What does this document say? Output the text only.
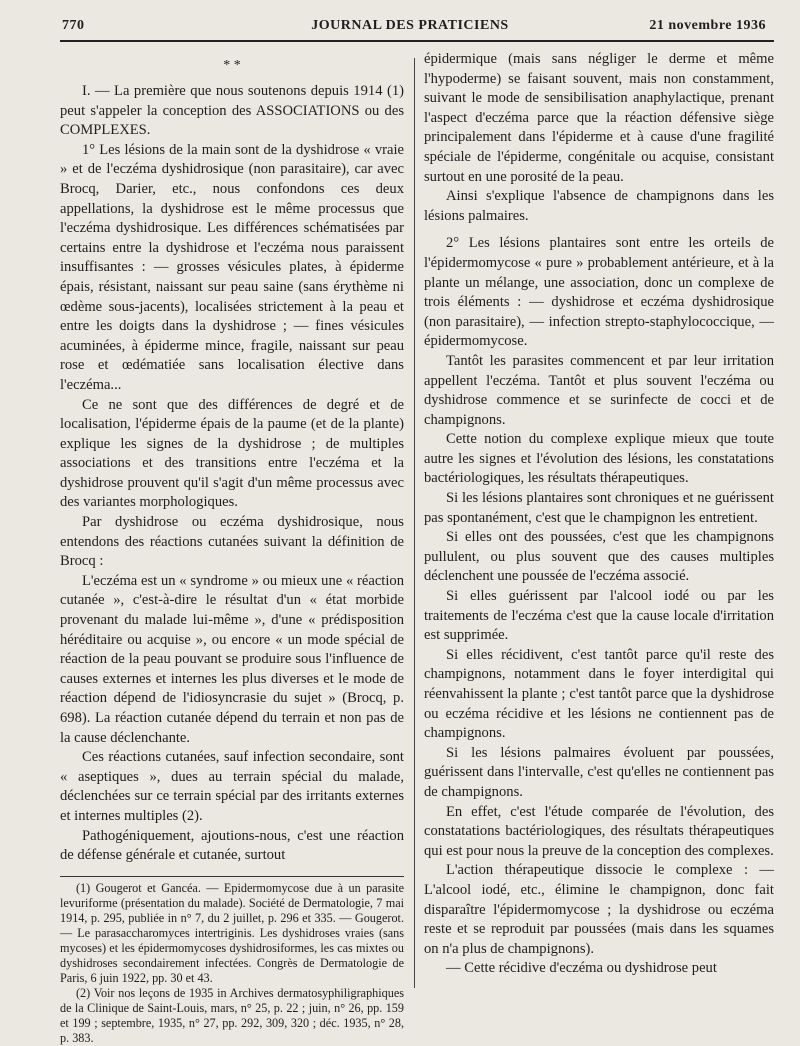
770	JOURNAL DES PRATICIENS	21 novembre 1936
* *

I. — La première que nous soutenons depuis 1914 (1) peut s'appeler la conception des ASSOCIATIONS ou des COMPLEXES.

1° Les lésions de la main sont de la dyshidrose « vraie » et de l'eczéma dyshidrosique (non parasitaire), car avec Brocq, Darier, etc., nous confondons ces deux appellations, la dyshidrose est le même processus que l'eczéma dyshidrosique. Les différences schématisées par certains entre la dyshidrose et l'eczéma nous paraissent insuffisantes : — grosses vésicules plates, à épiderme épais, résistant, naissant sur peau saine (sans érythème ni œdème sous-jacents), localisées strictement à la peau et entre les doigts dans la dyshidrose ; — fines vésicules acuminées, à épiderme mince, fragile, naissant sur peau rose et œdématiée sans localisation élective dans l'eczéma...

Ce ne sont que des différences de degré et de localisation, l'épiderme épais de la paume (et de la plante) explique les signes de la dyshidrose ; de multiples associations et des transitions entre l'eczéma et la dyshidrose prouvent qu'il s'agit d'un même processus avec des variantes morphologiques.

Par dyshidrose ou eczéma dyshidrosique, nous entendons des réactions cutanées suivant la définition de Brocq :

L'eczéma est un « syndrome » ou mieux une « réaction cutanée », c'est-à-dire le résultat d'un « état morbide provenant du malade lui-même », d'une « prédisposition héréditaire ou acquise », ou encore « un mode spécial de réaction de la peau pouvant se produire sous l'influence de causes externes et internes les plus diverses et le mode de réaction dépend de l'idiosyncrasie du sujet » (Brocq, p. 698). La réaction cutanée dépend du terrain et non pas de la cause déclenchante.

Ces réactions cutanées, sauf infection secondaire, sont « aseptiques », dues au terrain spécial du malade, déclenchées sur ce terrain spécial par des irritants externes et internes multiples (2).

Pathogéniquement, ajoutions-nous, c'est une réaction de défense générale et cutanée, surtout

(1) Gougerot et Gancéa. — Epidermomycose due à un parasite levuriforme (présentation du malade). Société de Dermatologie, 7 mai 1914, p. 295, publiée in n° 7, du 2 juillet, p. 296 et 335. — Gougerot. — Le parasaccharomyces intertriginis. Les dyshidroses vraies (sans mycoses) et les épidermomycoses dyshidrosiformes, les cas mixtes ou dyshidroses secondairement infectées. Congrès de Dermatologie de Paris, 6 juin 1922, pp. 30 et 43.

(2) Voir nos leçons de 1935 in Archives dermatosyphiligraphiques de la Clinique de Saint-Louis, mars, n° 25, p. 22 ; juin, n° 26, pp. 159 et 199 ; septembre, 1935, n° 27, pp. 292, 309, 320 ; déc. 1935, n° 28, p. 383.

épidermique (mais sans négliger le derme et même l'hypoderme) se faisant souvent, mais non constamment, suivant le mode de sensibilisation anaphylactique, prenant l'aspect d'eczéma parce que la réaction défensive siège principalement dans l'épiderme et à cause d'une fragilité spéciale de l'épiderme, congénitale ou acquise, consistant surtout en une porosité de la peau.

Ainsi s'explique l'absence de champignons dans les lésions palmaires.

2° Les lésions plantaires sont entre les orteils de l'épidermomycose « pure » probablement antérieure, et à la plante un mélange, une association, donc un complexe de trois éléments : — dyshidrose et eczéma dyshidrosique (non parasitaire), — infection strepto-staphylococcique, — épidermomycose.

Tantôt les parasites commencent et par leur irritation appellent l'eczéma. Tantôt et plus souvent l'eczéma ou dyshidrose commence et se surinfecte de cocci et de champignons.

Cette notion du complexe explique mieux que toute autre les signes et l'évolution des lésions, les constatations bactériologiques, les résultats thérapeutiques.

Si les lésions plantaires sont chroniques et ne guérissent pas spontanément, c'est que le champignon les entretient.

Si elles ont des poussées, c'est que les champignons pullulent, ou plus souvent que des causes multiples déclenchent une poussée de l'eczéma associé.

Si elles guérissent par l'alcool iodé ou par les traitements de l'eczéma c'est que la cause locale d'irritation est supprimée.

Si elles récidivent, c'est tantôt parce qu'il reste des champignons, notamment dans le foyer interdigital qui réenvahissent la plante ; c'est tantôt parce que la dyshidrose ou eczéma récidive et les lésions ne contiennent pas de champignons.

Si les lésions palmaires évoluent par poussées, guérissent dans l'intervalle, c'est qu'elles ne contiennent pas de champignons.

En effet, c'est l'étude comparée de l'évolution, des constatations bactériologiques, des résultats thérapeutiques qui est pour nous la preuve de la conception des complexes.

L'action thérapeutique dissocie le complexe : — L'alcool iodé, etc., élimine le champignon, donc fait disparaître l'épidermomycose ; la dyshidrose ou eczéma reste et se reproduit par poussées (mais dans les squames on n'a plus de champignons).

— Cette récidive d'eczéma ou dyshidrose peut
